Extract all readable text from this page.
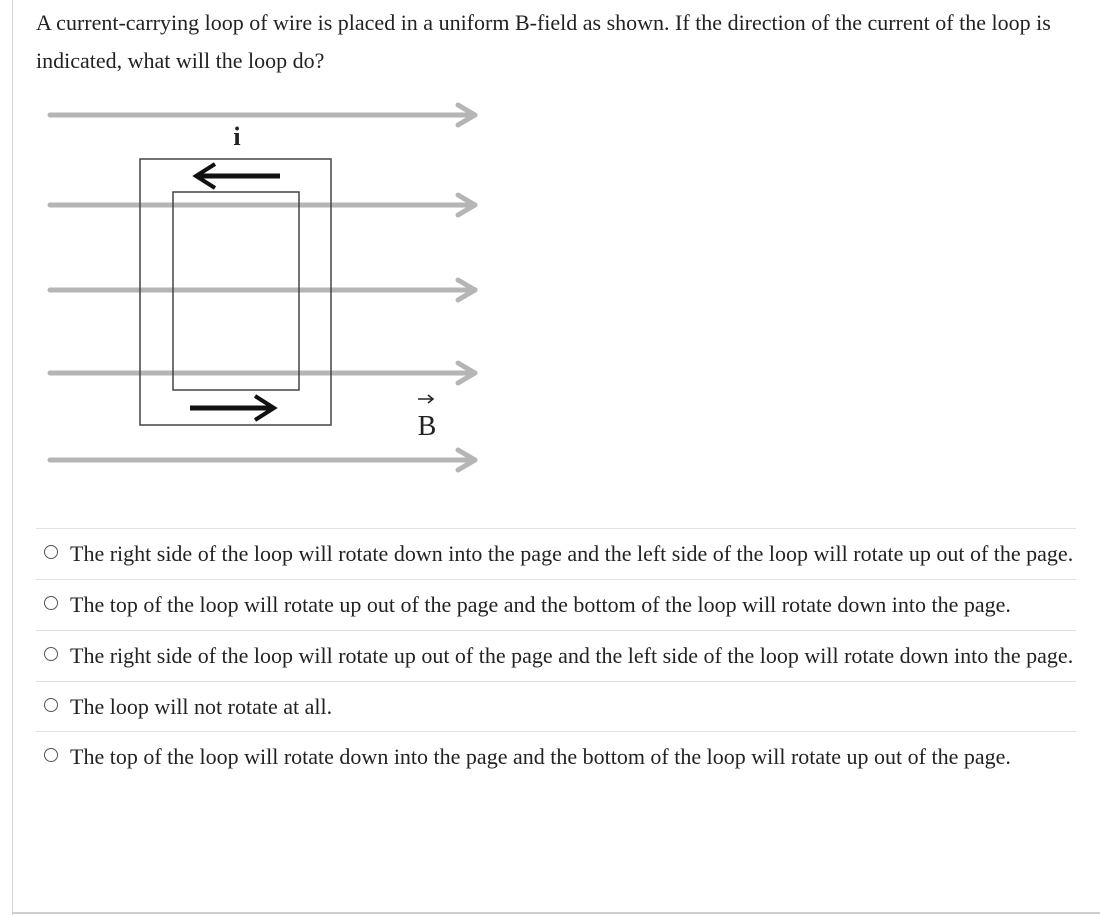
A current-carrying loop of wire is placed in a uniform B-field as shown. If the direction of the current of the loop is indicated, what will the loop do?

i
B
The right side of the loop will rotate down into the page and the left side of the loop will rotate up out of the page.
The top of the loop will rotate up out of the page and the bottom of the loop will rotate down into the page.
The right side of the loop will rotate up out of the page and the left side of the loop will rotate down into the page.
The loop will not rotate at all.
The top of the loop will rotate down into the page and the bottom of the loop will rotate up out of the page.
